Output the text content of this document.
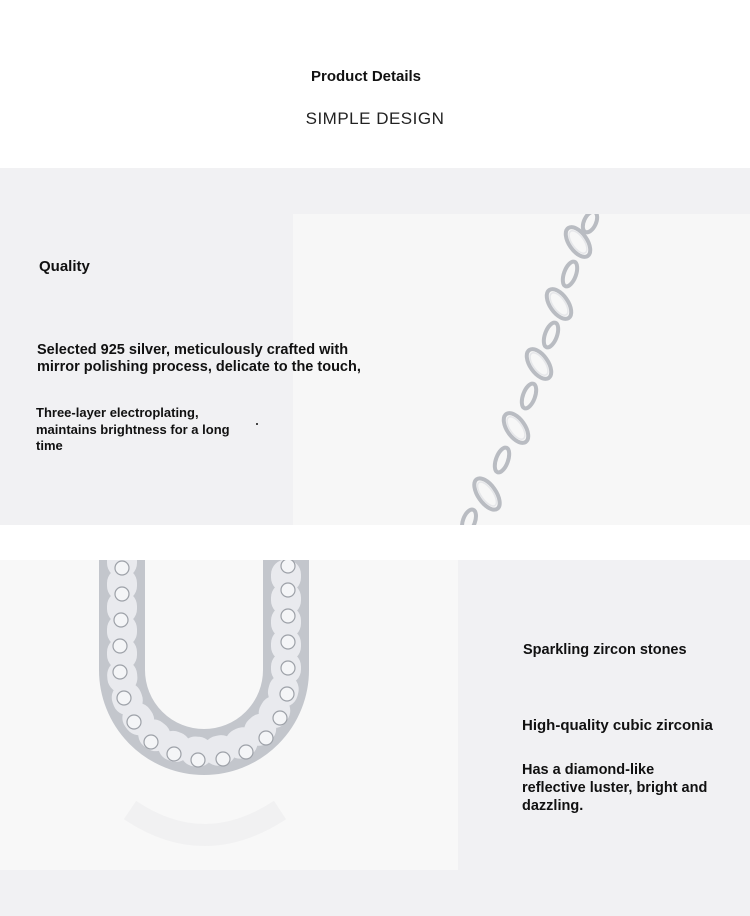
Product Details
SIMPLE DESIGN
Quality
Selected 925 silver, meticulously crafted with mirror polishing process, delicate to the touch,
Three-layer electroplating, maintains brightness for a long time
Sparkling zircon stones
High-quality cubic zirconia
Has a diamond-like reflective luster, bright and dazzling.
